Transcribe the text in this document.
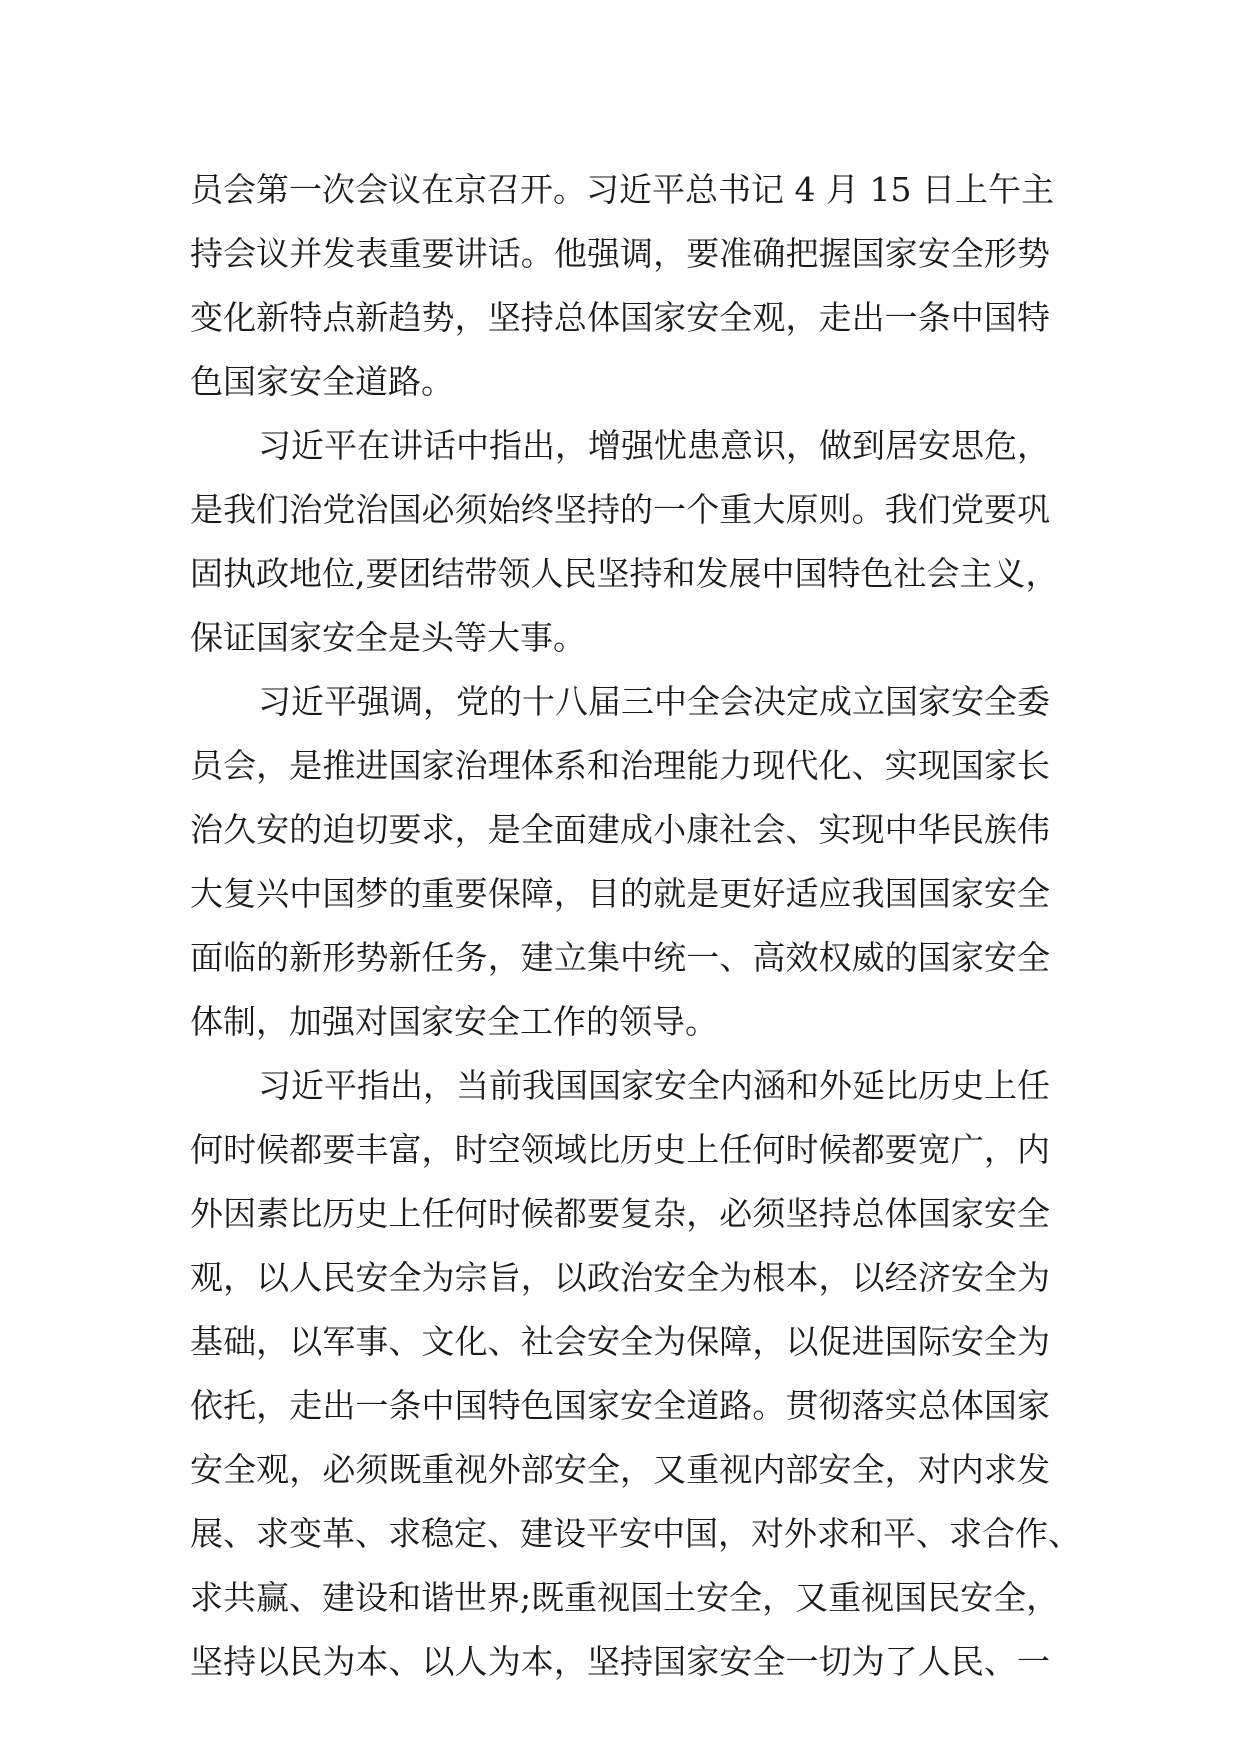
员会第一次会议在京召开。习近平总书记 4 月 15 日上午主
持会议并发表重要讲话。他强调，要准确把握国家安全形势
变化新特点新趋势，坚持总体国家安全观，走出一条中国特
色国家安全道路。
习近平在讲话中指出，增强忧患意识，做到居安思危，
是我们治党治国必须始终坚持的一个重大原则。我们党要巩
固执政地位,要团结带领人民坚持和发展中国特色社会主义，
保证国家安全是头等大事。
习近平强调，党的十八届三中全会决定成立国家安全委
员会，是推进国家治理体系和治理能力现代化、实现国家长
治久安的迫切要求，是全面建成小康社会、实现中华民族伟
大复兴中国梦的重要保障，目的就是更好适应我国国家安全
面临的新形势新任务，建立集中统一、高效权威的国家安全
体制，加强对国家安全工作的领导。
习近平指出，当前我国国家安全内涵和外延比历史上任
何时候都要丰富，时空领域比历史上任何时候都要宽广，内
外因素比历史上任何时候都要复杂，必须坚持总体国家安全
观，以人民安全为宗旨，以政治安全为根本，以经济安全为
基础，以军事、文化、社会安全为保障，以促进国际安全为
依托，走出一条中国特色国家安全道路。贯彻落实总体国家
安全观，必须既重视外部安全，又重视内部安全，对内求发
展、求变革、求稳定、建设平安中国，对外求和平、求合作、
求共赢、建设和谐世界;既重视国土安全，又重视国民安全，
坚持以民为本、以人为本，坚持国家安全一切为了人民、一
